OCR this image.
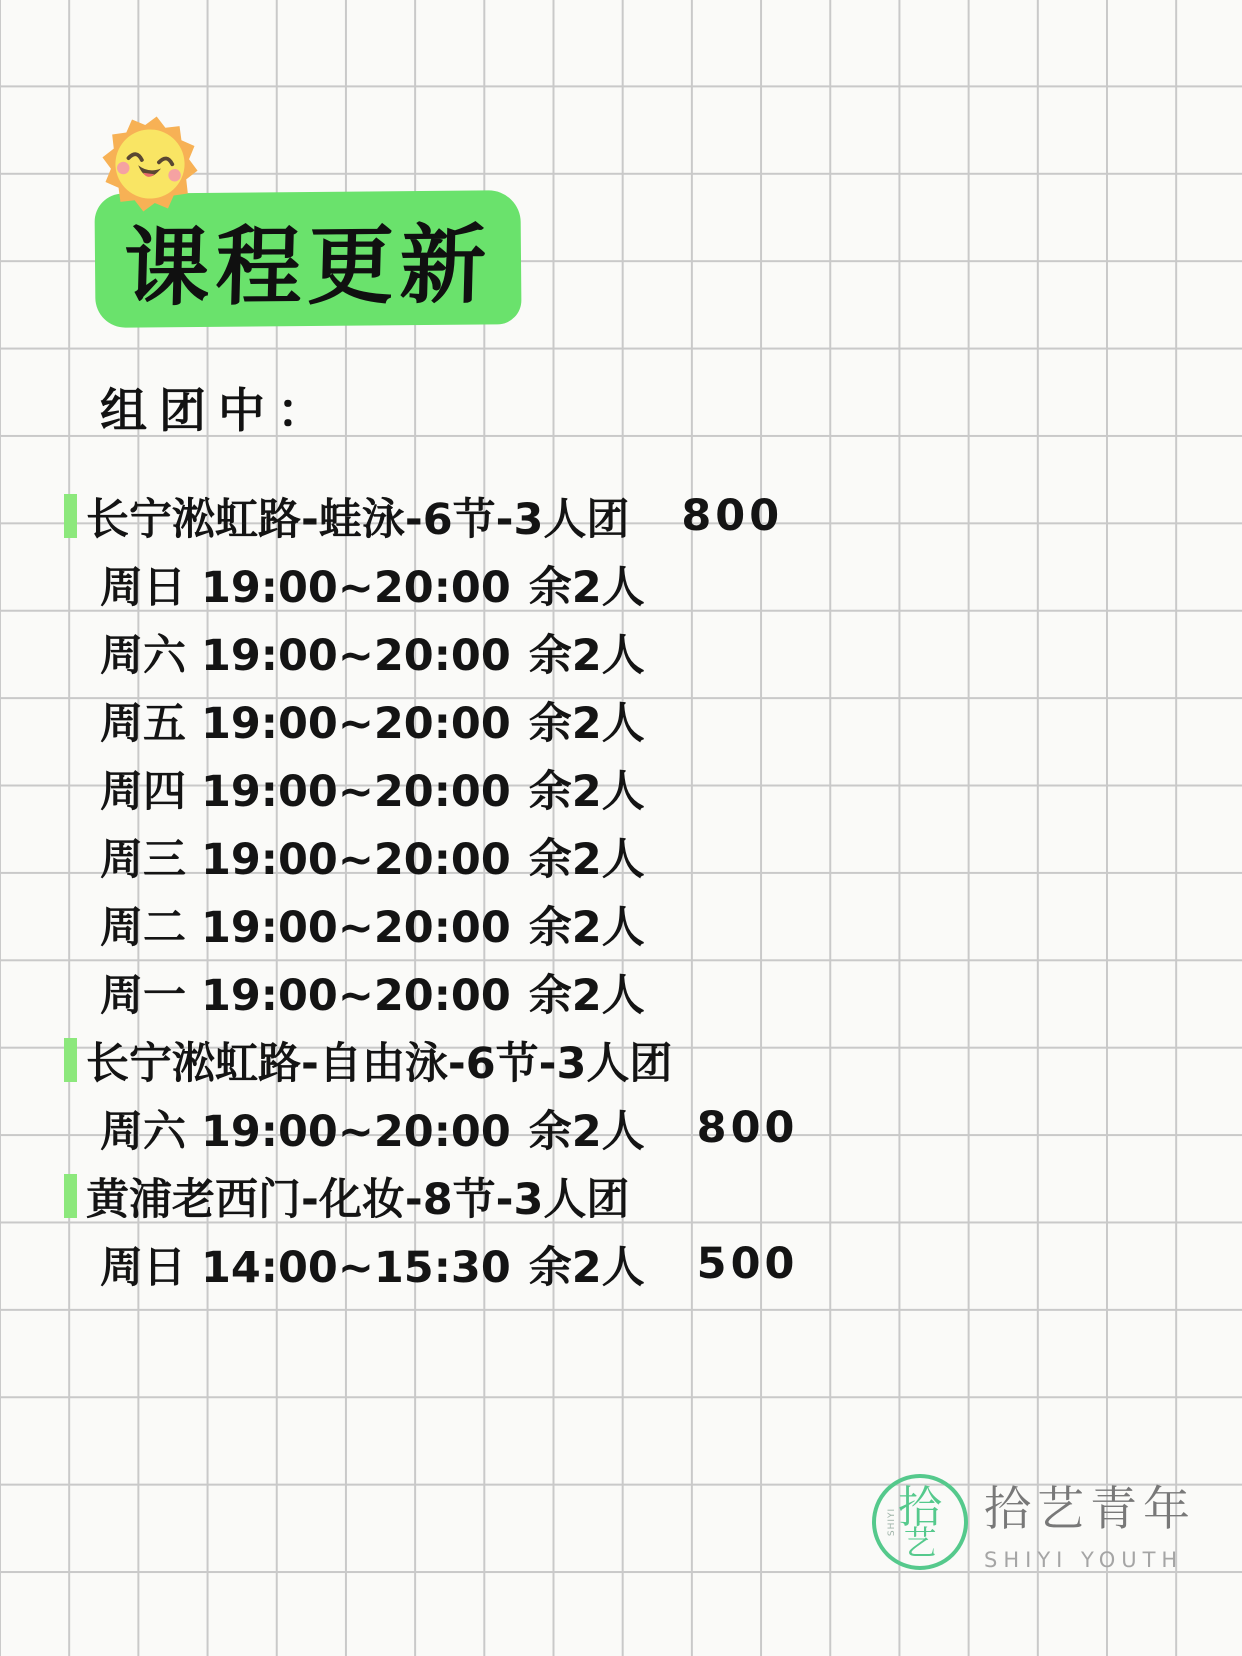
课程更新
组团中：
长宁淞虹路-蛙泳-6节-3人团 800
周日 19:00~20:00 余2人
周六 19:00~20:00 余2人
周五 19:00~20:00 余2人
周四 19:00~20:00 余2人
周三 19:00~20:00 余2人
周二 19:00~20:00 余2人
周一 19:00~20:00 余2人
长宁淞虹路-自由泳-6节-3人团
周六 19:00~20:00 余2人 800
黄浦老西门-化妆-8节-3人团
周日 14:00~15:30 余2人 500
SHIYI 拾
艺
拾艺青年
SHIYI YOUTH
